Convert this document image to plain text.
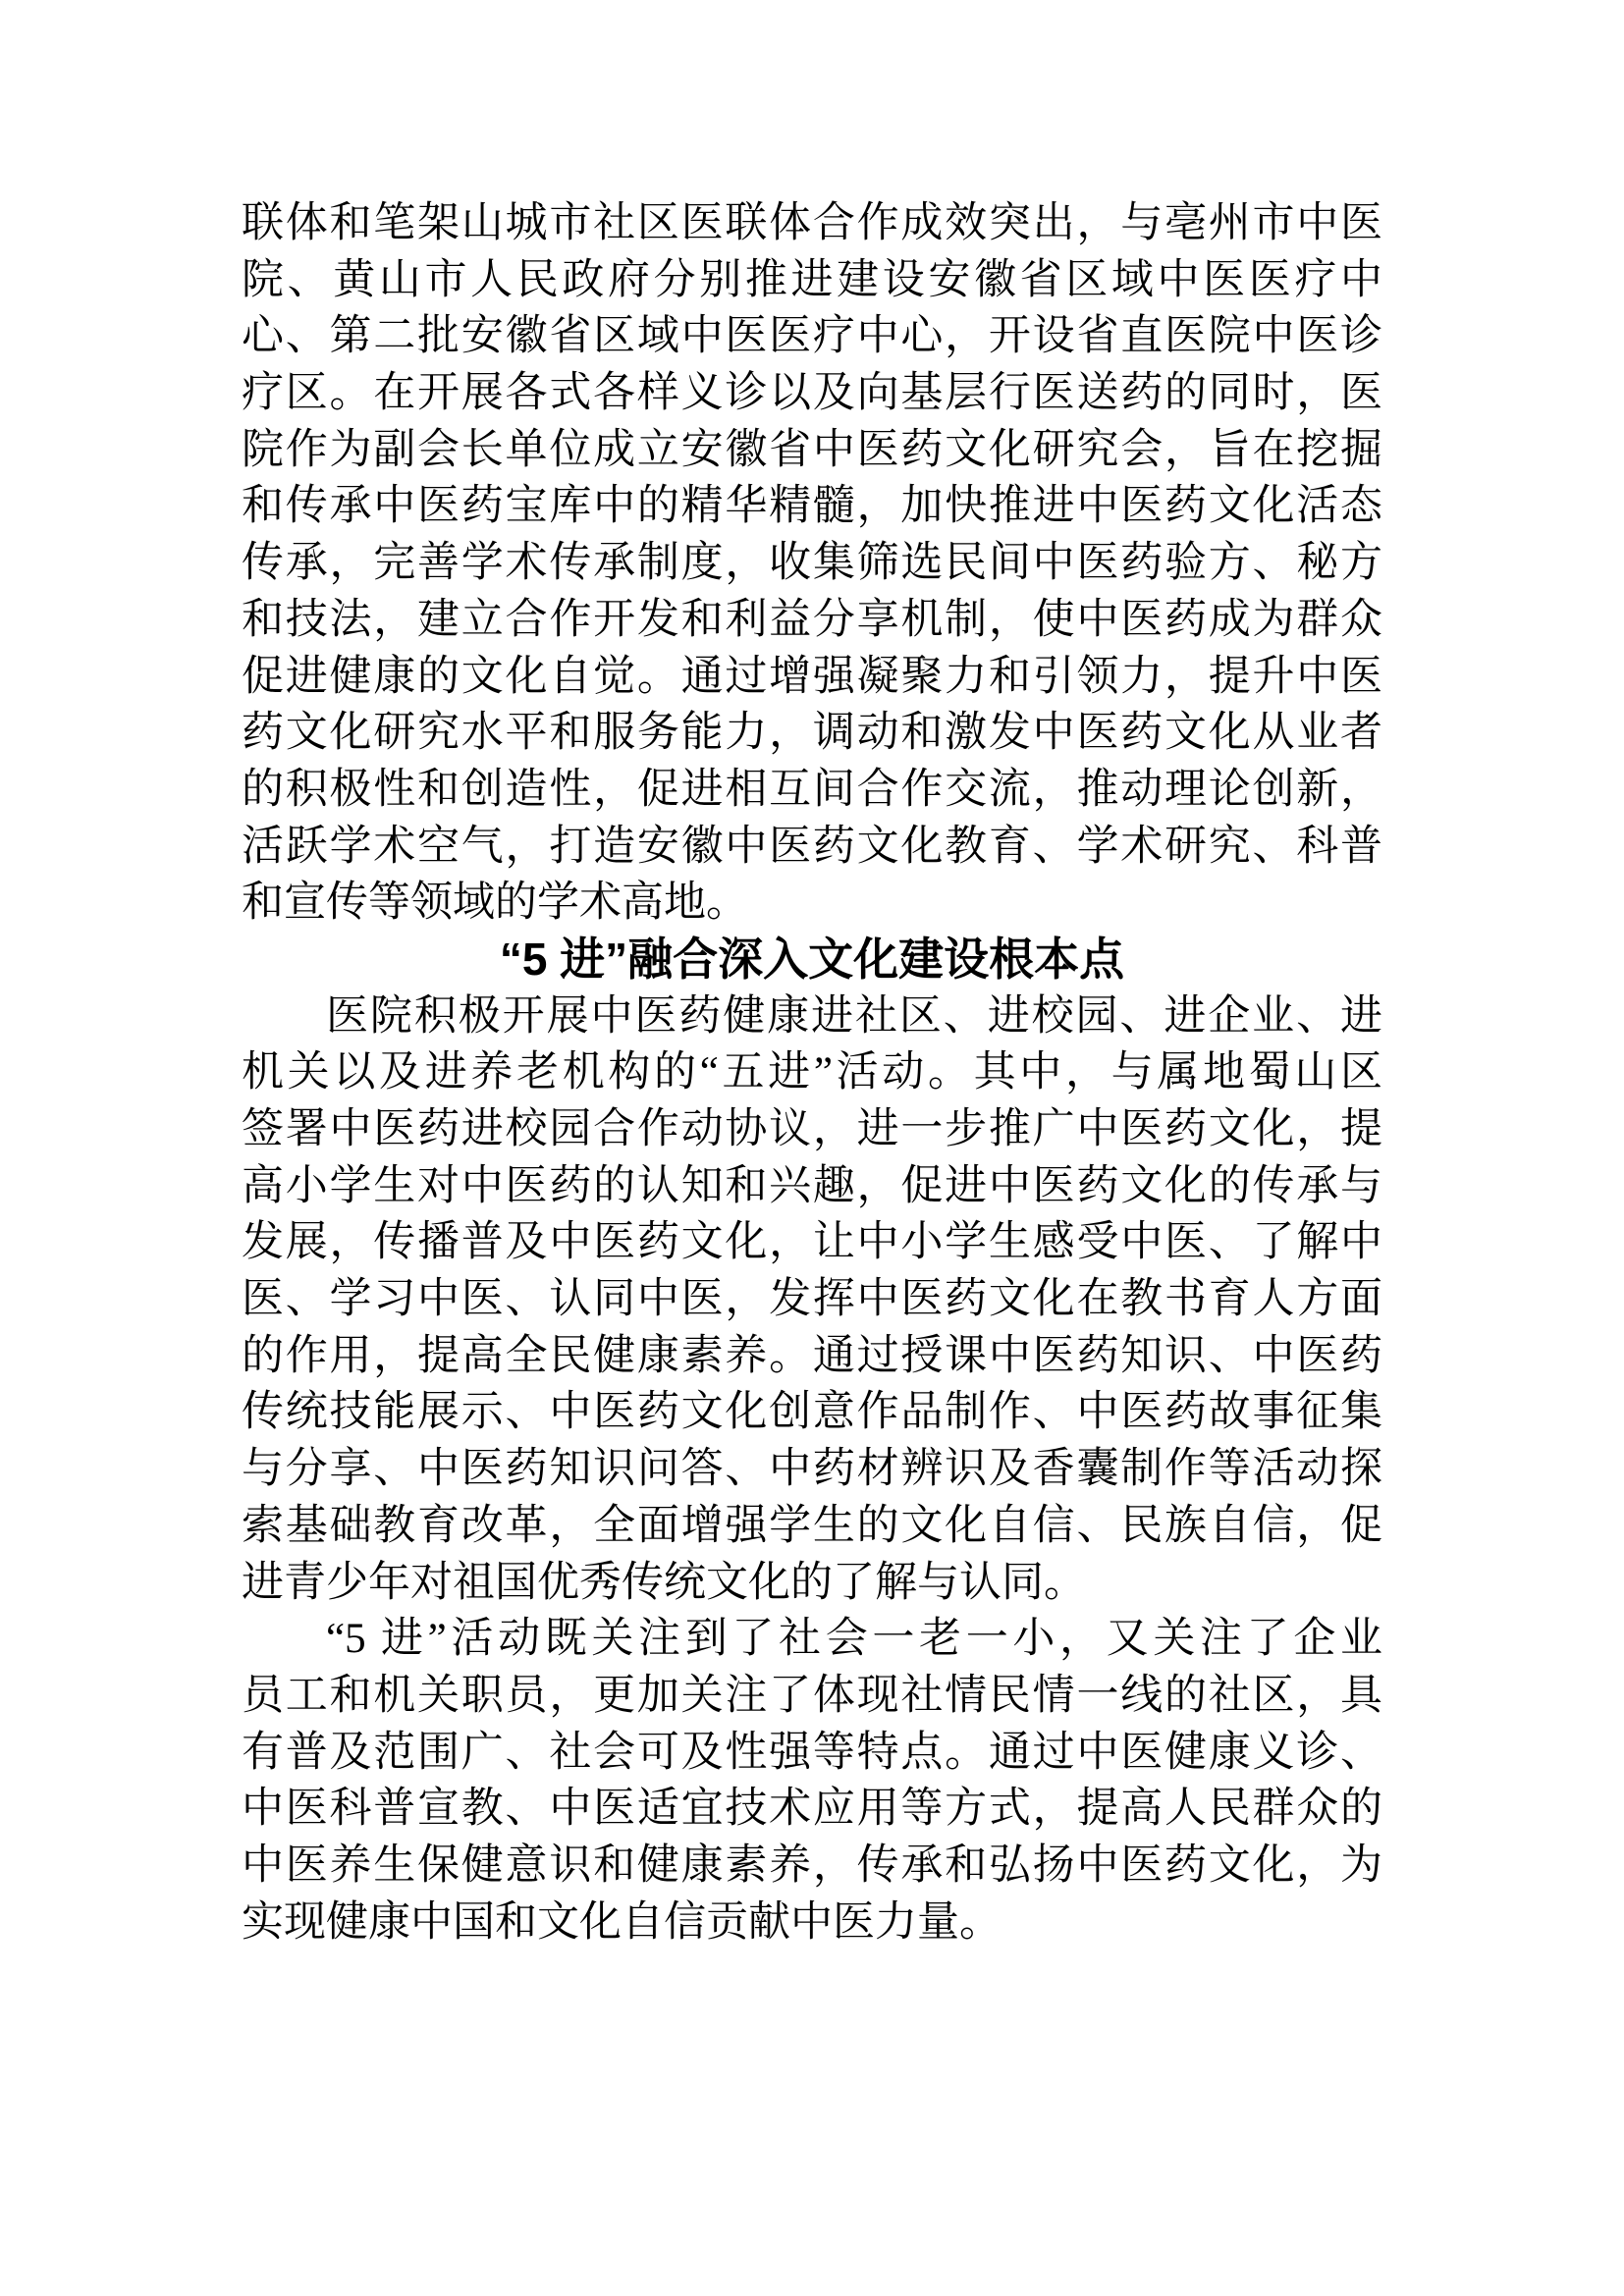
联体和笔架山城市社区医联体合作成效突出，与亳州市中医
院、黄山市人民政府分别推进建设安徽省区域中医医疗中
心、第二批安徽省区域中医医疗中心，开设省直医院中医诊
疗区。在开展各式各样义诊以及向基层行医送药的同时，医
院作为副会长单位成立安徽省中医药文化研究会，旨在挖掘
和传承中医药宝库中的精华精髓，加快推进中医药文化活态
传承，完善学术传承制度，收集筛选民间中医药验方、秘方
和技法，建立合作开发和利益分享机制，使中医药成为群众
促进健康的文化自觉。通过增强凝聚力和引领力，提升中医
药文化研究水平和服务能力，调动和激发中医药文化从业者
的积极性和创造性，促进相互间合作交流，推动理论创新，
活跃学术空气，打造安徽中医药文化教育、学术研究、科普
和宣传等领域的学术高地。
“5 进”融合深入文化建设根本点
医院积极开展中医药健康进社区、进校园、进企业、进
机关以及进养老机构的“五进”活动。其中，与属地蜀山区
签署中医药进校园合作动协议，进一步推广中医药文化，提
高小学生对中医药的认知和兴趣，促进中医药文化的传承与
发展，传播普及中医药文化，让中小学生感受中医、了解中
医、学习中医、认同中医，发挥中医药文化在教书育人方面
的作用，提高全民健康素养。通过授课中医药知识、中医药
传统技能展示、中医药文化创意作品制作、中医药故事征集
与分享、中医药知识问答、中药材辨识及香囊制作等活动探
索基础教育改革，全面增强学生的文化自信、民族自信，促
进青少年对祖国优秀传统文化的了解与认同。
“5 进”活动既关注到了社会一老一小，又关注了企业
员工和机关职员，更加关注了体现社情民情一线的社区，具
有普及范围广、社会可及性强等特点。通过中医健康义诊、
中医科普宣教、中医适宜技术应用等方式，提高人民群众的
中医养生保健意识和健康素养，传承和弘扬中医药文化，为
实现健康中国和文化自信贡献中医力量。
